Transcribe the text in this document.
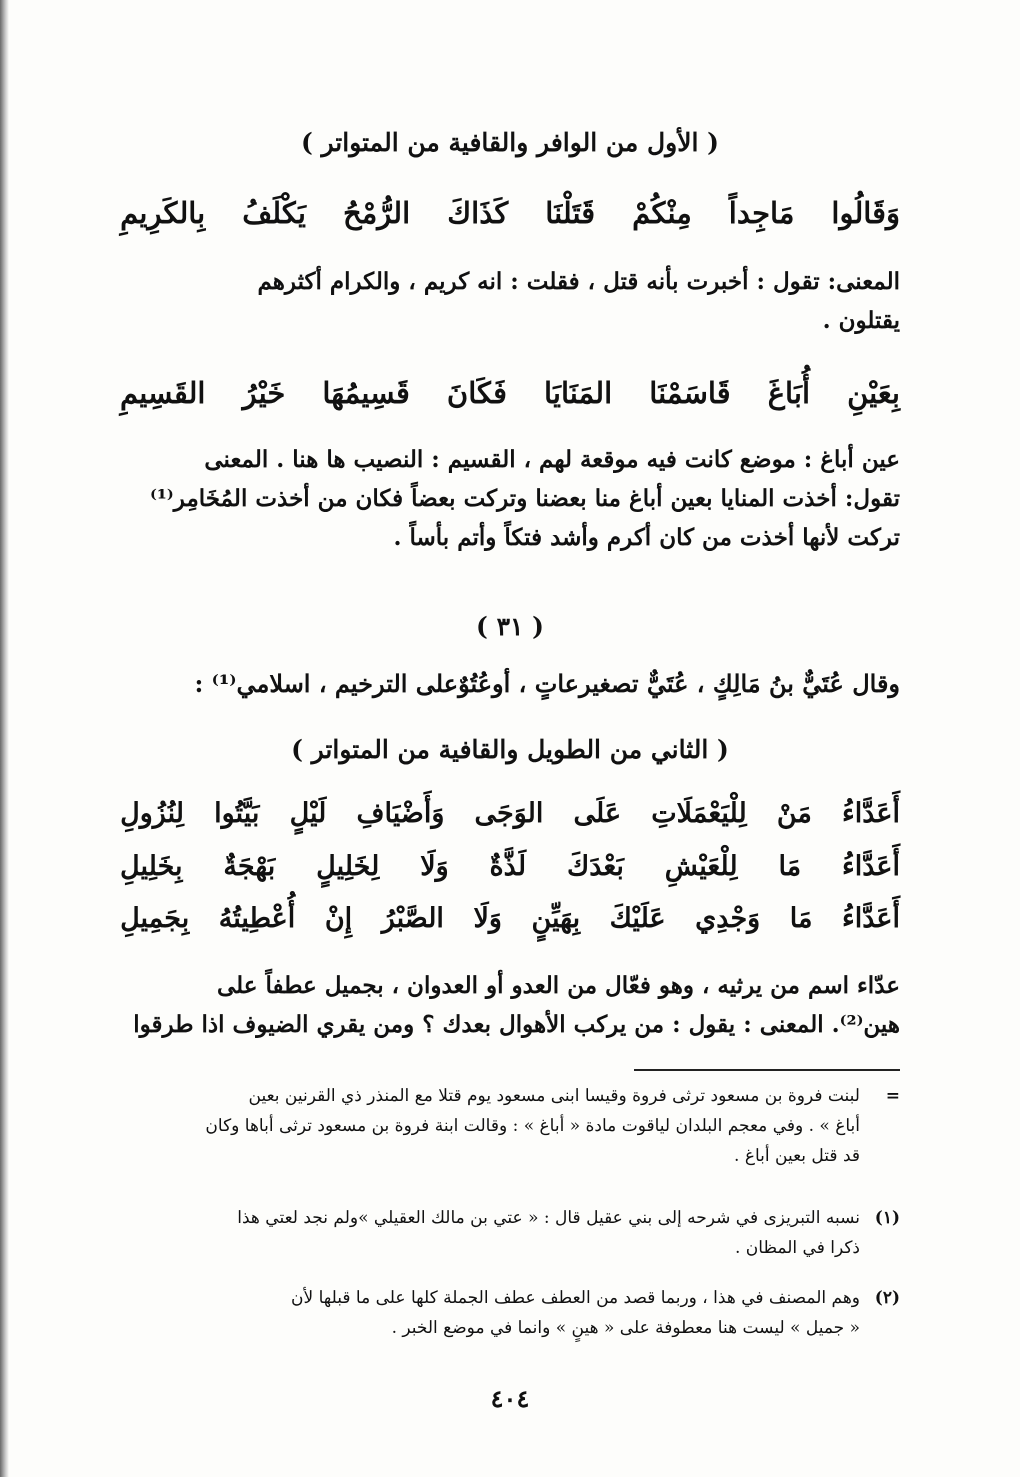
( الأول من الوافر والقافية من المتواتر )
وَقَالُوا
مَاجِداً
مِنْكُمْ
قَتَلْنَا
كَذَاكَ
الرُّمْحُ
يَكْلَفُ
بِالكَرِيمِ

المعنى: تقول : أخبرت بأنه قتل ، فقلت : انه كريم ، والكرام أكثرهم

يقتلون .

بِعَيْنِ
أُبَاغَ
قَاسَمْنَا
المَنَايَا
فَكَانَ
قَسِيمُهَا
خَيْرُ
القَسِيمِ

عين أباغ : موضع كانت فيه موقعة لهم ، القسيم : النصيب ها هنا . المعنى

تقول: أخذت المنايا بعين أباغ منا بعضنا وتركت بعضاً فكان من أخذت المُخَامِر⁽¹⁾

تركت لأنها أخذت من كان أكرم وأشد فتكاً وأتم بأساً .

( ٣١ )

وقال عُتَيٌّ بنُ مَالِكٍ ، عُتَيٌّ تصغيرعاتٍ ، أوعُتُوٌعلى الترخيم ، اسلامي⁽¹⁾ :

( الثاني من الطويل والقافية من المتواتر )
أَعَدَّاءُ
مَنْ
لِلْيَعْمَلَاتِ
عَلَى
الوَجَى
وَأَضْيَافِ
لَيْلٍ
بَيَّتُوا
لِنُزُولِ
أَعَدَّاءُ
مَا
لِلْعَيْشِ
بَعْدَكَ
لَذَّةٌ
وَلَا
لِخَلِيلٍ
بَهْجَةٌ
بِخَلِيلِ
أَعَدَّاءُ
مَا
وَجْدِي
عَلَيْكَ
بِهَيِّنٍ
وَلَا
الصَّبْرُ
إِنْ
أُعْطِيتُهُ
بِجَمِيلِ

عدّاء اسم من يرثيه ، وهو فعّال من العدو أو العدوان ، بجميل عطفاً على

هين⁽²⁾. المعنى : يقول : من يركب الأهوال بعدك ؟ ومن يقري الضيوف اذا طرقوا

=لبنت فروة بن مسعود ترثى فروة وقيسا ابنى مسعود يوم قتلا مع المنذر ذي القرنين بعين

أباغ » . وفي معجم البلدان لياقوت مادة « أباغ » : وقالت ابنة فروة بن مسعود ترثى أباها وكان

قد قتل بعين أباغ .

(١)نسبه التبريزى في شرحه إلى بني عقيل قال : « عتي بن مالك العقيلي »ولم نجد لعتي هذا

ذكرا في المظان .

(٢)وهم المصنف في هذا ، وربما قصد من العطف عطف الجملة كلها على ما قبلها لأن

« جميل » ليست هنا معطوفة على « هينٍ » وانما في موضع الخبر .

٤٠٤
